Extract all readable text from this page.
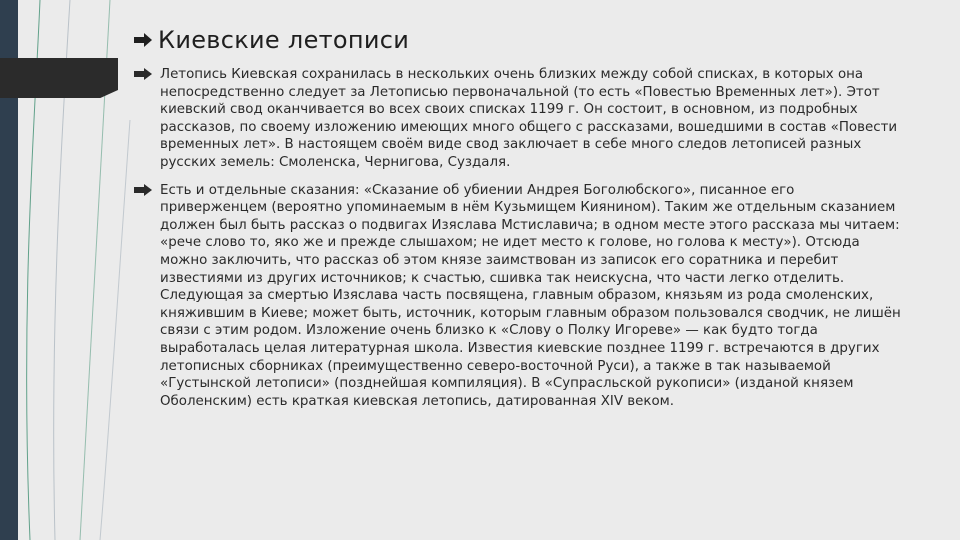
Киевские летописи
Летопись Киевская сохранилась в нескольких очень близких между собой списках, в которых она непосредственно следует за Летописью первоначальной (то есть «Повестью Временных лет»). Этот киевский свод оканчивается во всех своих списках 1199 г. Он состоит, в основном, из подробных рассказов, по своему изложению имеющих много общего с рассказами, вошедшими в состав «Повести временных лет». В настоящем своём виде свод заключает в себе много следов летописей разных русских земель: Смоленска, Чернигова, Суздаля.
Есть и отдельные сказания: «Сказание об убиении Андрея Боголюбского», писанное его приверженцем (вероятно упоминаемым в нём Кузьмищем Киянином). Таким же отдельным сказанием должен был быть рассказ о подвигах Изяслава Мстиславича; в одном месте этого рассказа мы читаем: «рече слово то, яко же и прежде слышахом; не идет место к голове, но голова к месту»). Отсюда можно заключить, что рассказ об этом князе заимствован из записок его соратника и перебит известиями из других источников; к счастью, сшивка так неискусна, что части легко отделить. Следующая за смертью Изяслава часть посвящена, главным образом, князьям из рода смоленских, княжившим в Киеве; может быть, источник, которым главным образом пользовался сводчик, не лишён связи с этим родом. Изложение очень близко к «Слову о Полку Игореве» — как будто тогда выработалась целая литературная школа. Известия киевские позднее 1199 г. встречаются в других летописных сборниках (преимущественно северо-восточной Руси), а также в так называемой «Густынской летописи» (позднейшая компиляция). В «Супрасльской рукописи» (изданой князем Оболенским) есть краткая киевская летопись, датированная XIV веком.
